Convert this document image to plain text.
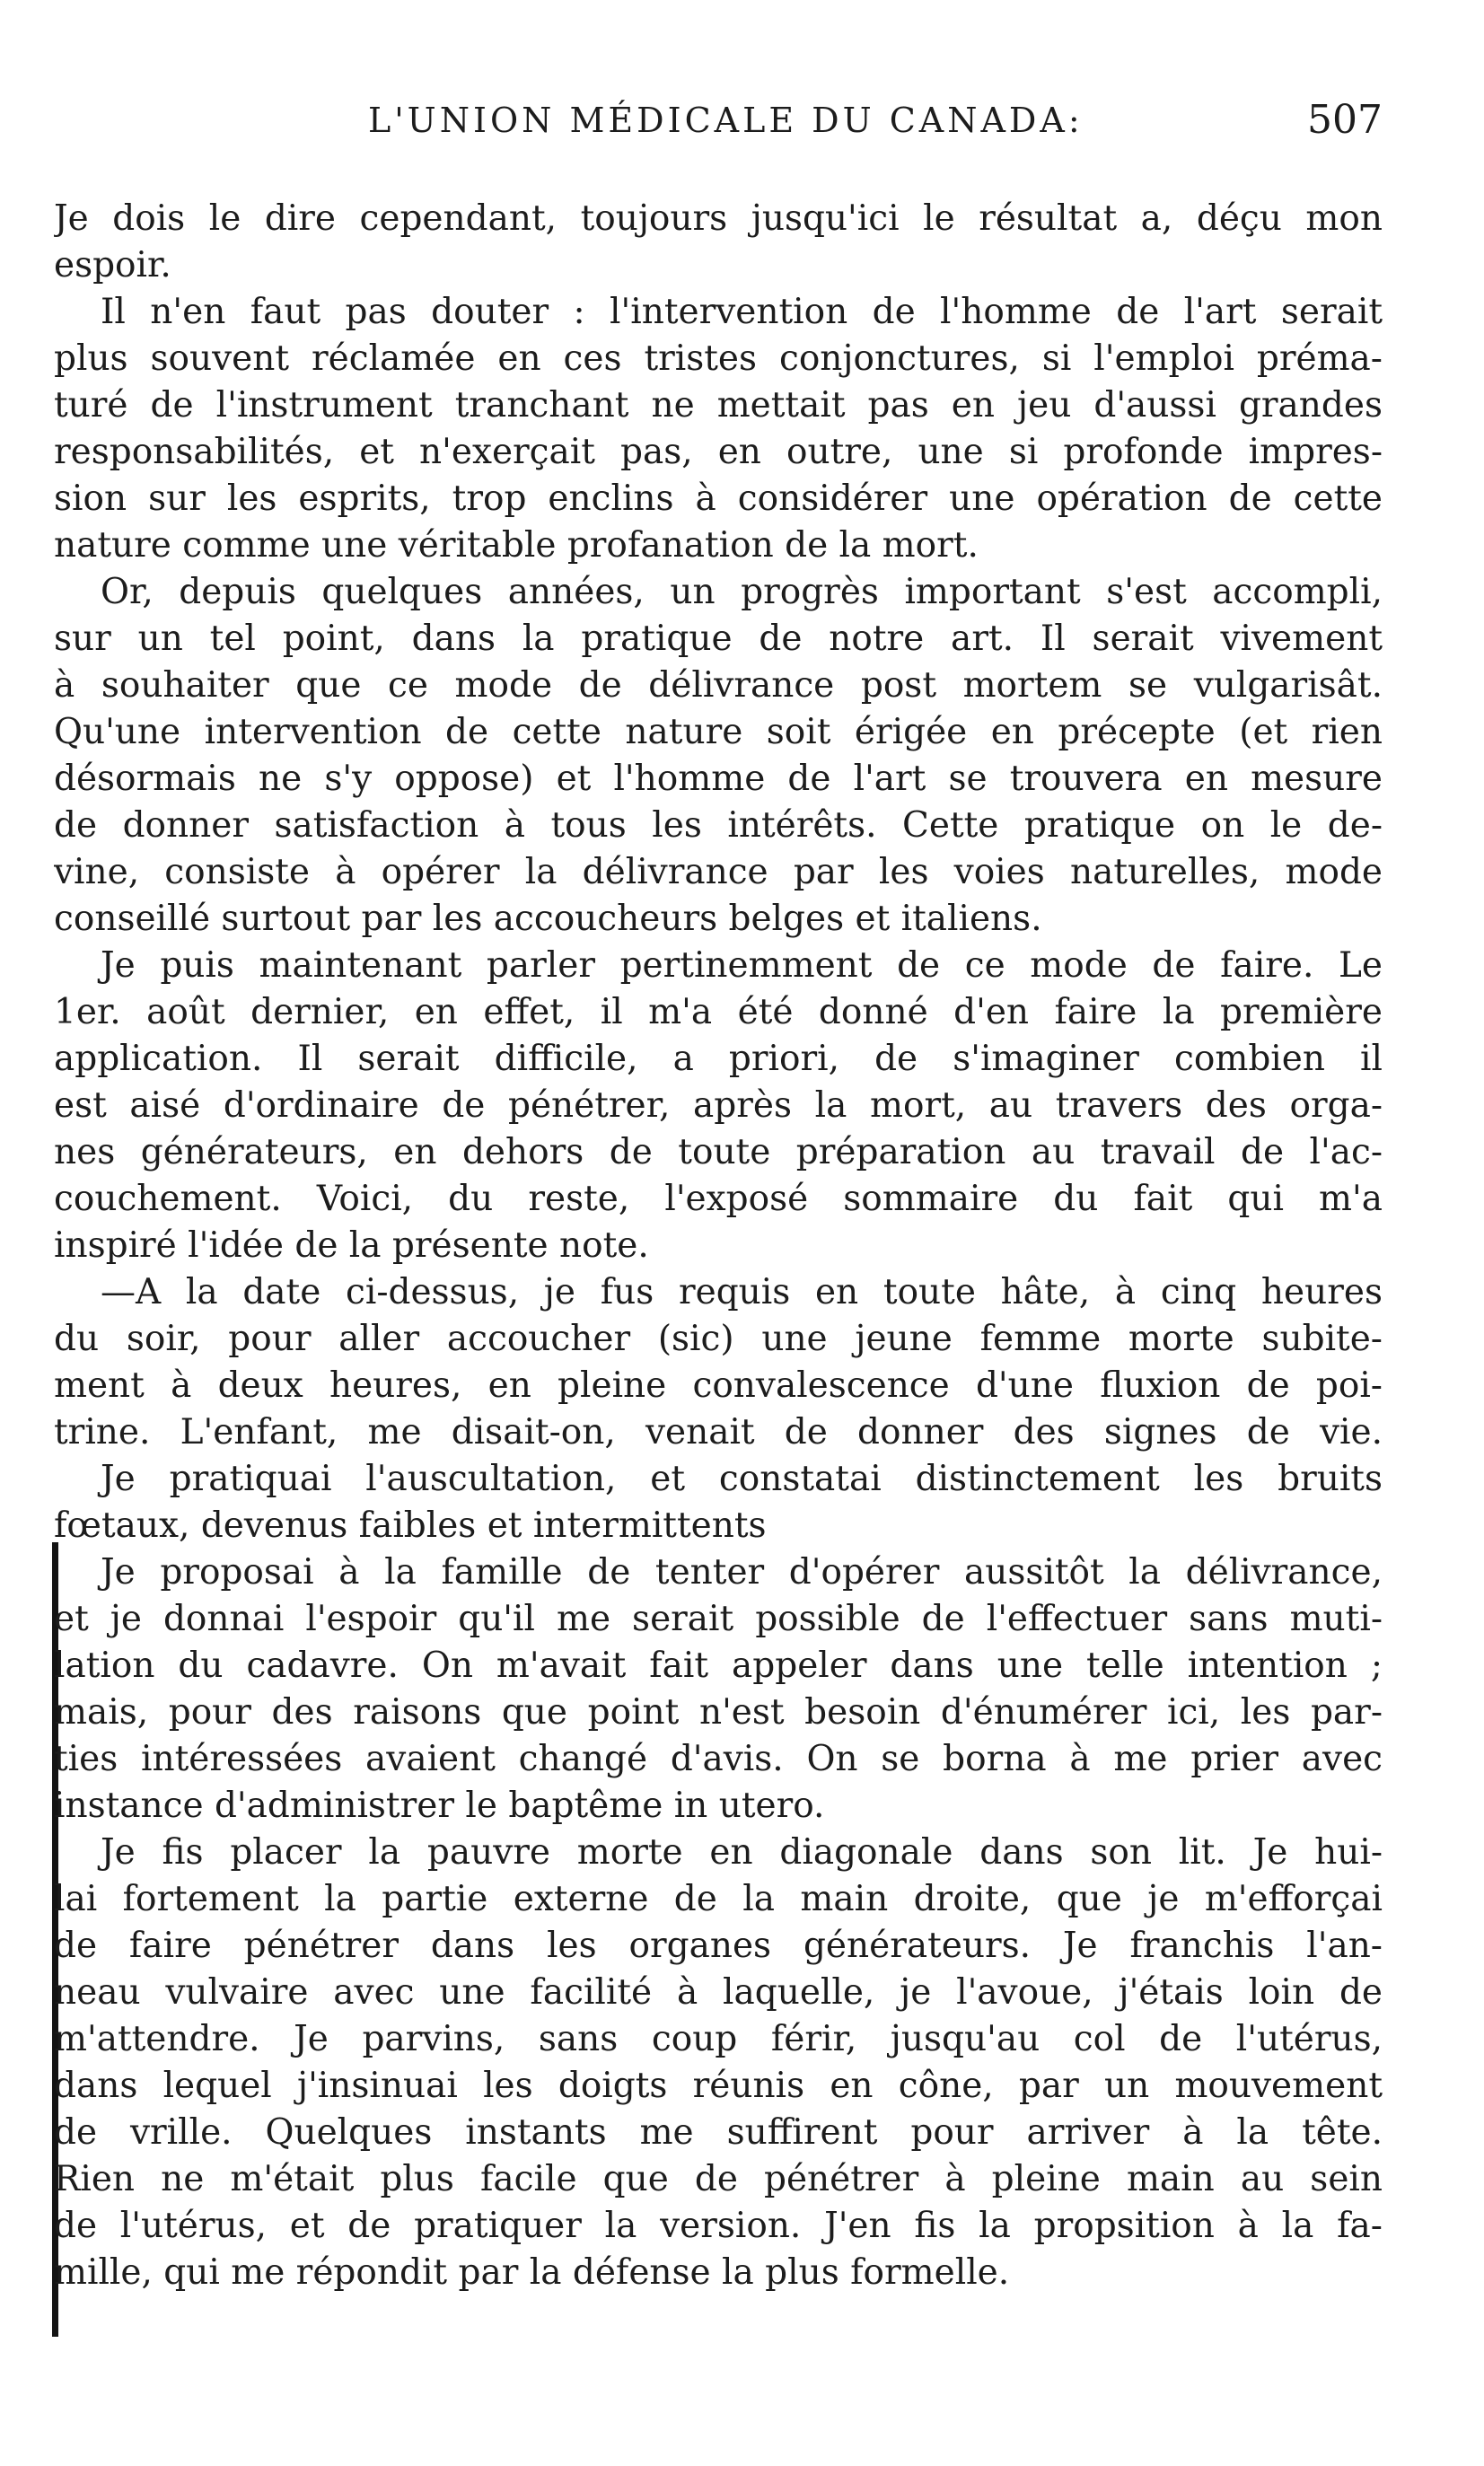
L'UNION MÉDICALE DU CANADA:	507
Je dois le dire cependant, toujours jusqu'ici le résultat a, déçu mon
espoir.
Il n'en faut pas douter : l'intervention de l'homme de l'art serait
plus souvent réclamée en ces tristes conjonctures, si l'emploi préma-
turé de l'instrument tranchant ne mettait pas en jeu d'aussi grandes
responsabilités, et n'exerçait pas, en outre, une si profonde impres-
sion sur les esprits, trop enclins à considérer une opération de cette
nature comme une véritable profanation de la mort.
Or, depuis quelques années, un progrès important s'est accompli,
sur un tel point, dans la pratique de notre art. Il serait vivement
à souhaiter que ce mode de délivrance post mortem se vulgarisât.
Qu'une intervention de cette nature soit érigée en précepte (et rien
désormais ne s'y oppose) et l'homme de l'art se trouvera en mesure
de donner satisfaction à tous les intérêts. Cette pratique on le de-
vine, consiste à opérer la délivrance par les voies naturelles, mode
conseillé surtout par les accoucheurs belges et italiens.
Je puis maintenant parler pertinemment de ce mode de faire. Le
1er. août dernier, en effet, il m'a été donné d'en faire la première
application. Il serait difficile, a priori, de s'imaginer combien il
est aisé d'ordinaire de pénétrer, après la mort, au travers des orga-
nes générateurs, en dehors de toute préparation au travail de l'ac-
couchement. Voici, du reste, l'exposé sommaire du fait qui m'a
inspiré l'idée de la présente note.
—A la date ci-dessus, je fus requis en toute hâte, à cinq heures
du soir, pour aller accoucher (sic) une jeune femme morte subite-
ment à deux heures, en pleine convalescence d'une fluxion de poi-
trine. L'enfant, me disait-on, venait de donner des signes de vie.
Je pratiquai l'auscultation, et constatai distinctement les bruits
fœtaux, devenus faibles et intermittents
Je proposai à la famille de tenter d'opérer aussitôt la délivrance,
et je donnai l'espoir qu'il me serait possible de l'effectuer sans muti-
lation du cadavre. On m'avait fait appeler dans une telle intention ;
mais, pour des raisons que point n'est besoin d'énumérer ici, les par-
ties intéressées avaient changé d'avis. On se borna à me prier avec
instance d'administrer le baptême in utero.
Je fis placer la pauvre morte en diagonale dans son lit. Je hui-
lai fortement la partie externe de la main droite, que je m'efforçai
de faire pénétrer dans les organes générateurs. Je franchis l'an-
neau vulvaire avec une facilité à laquelle, je l'avoue, j'étais loin de
m'attendre. Je parvins, sans coup férir, jusqu'au col de l'utérus,
dans lequel j'insinuai les doigts réunis en cône, par un mouvement
de vrille. Quelques instants me suffirent pour arriver à la tête.
Rien ne m'était plus facile que de pénétrer à pleine main au sein
de l'utérus, et de pratiquer la version. J'en fis la propsition à la fa-
mille, qui me répondit par la défense la plus formelle.
